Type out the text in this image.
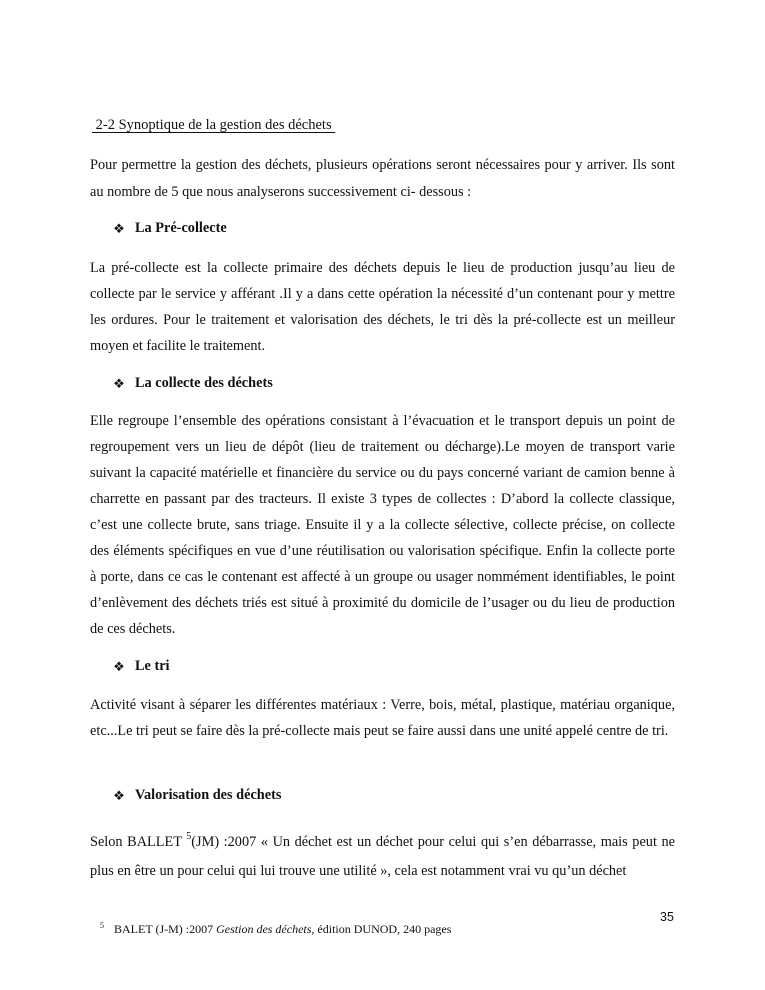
2-2 Synoptique de la gestion des déchets

Pour permettre la gestion des déchets, plusieurs opérations seront nécessaires pour y arriver. Ils sont au nombre de 5 que nous analyserons successivement ci- dessous :

❖ La Pré-collecte

La pré-collecte est la collecte primaire des déchets depuis le lieu de production jusqu’au lieu de collecte par le service y afférant .Il y a dans cette opération la nécessité d’un contenant pour y mettre les ordures. Pour le traitement et valorisation des déchets, le tri dès la pré-collecte est un meilleur moyen et facilite le traitement.

❖ La collecte des déchets

Elle regroupe l’ensemble des opérations consistant à l’évacuation et le transport depuis un point de regroupement vers un lieu de dépôt (lieu de traitement ou décharge).Le moyen de transport varie suivant la capacité matérielle et financière du service ou du pays concerné variant de camion benne à charrette en passant par des tracteurs. Il existe 3 types de collectes : D’abord la collecte classique, c’est une collecte brute, sans triage. Ensuite il y a la collecte sélective, collecte précise, on collecte des éléments spécifiques en vue d’une réutilisation ou valorisation spécifique. Enfin la collecte porte à porte, dans ce cas le contenant est affecté à un groupe ou usager nommément identifiables, le point d’enlèvement des déchets triés est situé à proximité du domicile de l’usager ou du lieu de production de ces déchets.

❖ Le tri

Activité visant à séparer les différentes matériaux : Verre, bois, métal, plastique, matériau organique, etc...Le tri peut se faire dès la pré-collecte mais peut se faire aussi dans une unité appelé centre de tri.

❖ Valorisation des déchets

Selon BALLET $^5$(JM) :2007 « Un déchet est un déchet pour celui qui s’en débarrasse, mais peut ne plus en être un pour celui qui lui trouve une utilité », cela est notamment vrai vu qu’un déchet

35
$^5$ BALET (J-M) :2007 Gestion des déchets, édition DUNOD, 240 pages
